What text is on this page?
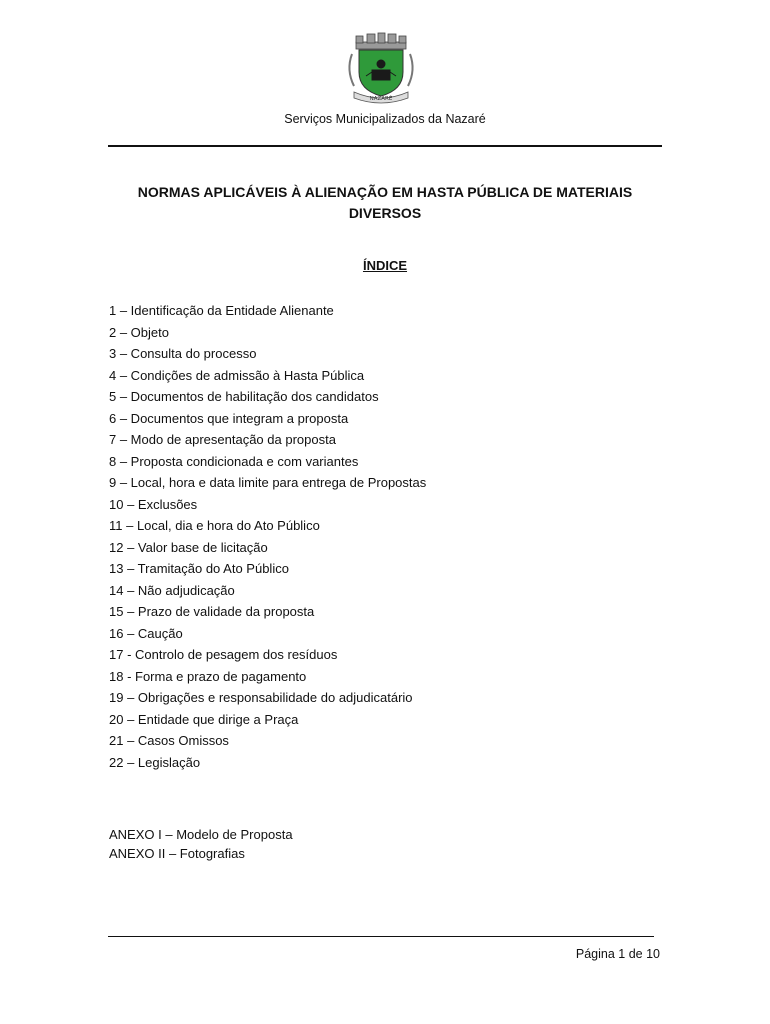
NAZARÉ
Serviços Municipalizados da Nazaré
NORMAS APLICÁVEIS À ALIENAÇÃO EM HASTA PÚBLICA DE MATERIAIS DIVERSOS
ÍNDICE
1 – Identificação da Entidade Alienante
2 – Objeto
3 – Consulta do processo
4 – Condições de admissão à Hasta Pública
5 – Documentos de habilitação dos candidatos
6 – Documentos que integram a proposta
7 – Modo de apresentação da proposta
8 – Proposta condicionada e com variantes
9 – Local, hora e data limite para entrega de Propostas
10 – Exclusões
11 – Local, dia e hora do Ato Público
12 – Valor base de licitação
13 – Tramitação do Ato Público
14 – Não adjudicação
15 – Prazo de validade da proposta
16 – Caução
17 - Controlo de pesagem dos resíduos
18 - Forma e prazo de pagamento
19 – Obrigações e responsabilidade do adjudicatário
20 – Entidade que dirige a Praça
21 – Casos Omissos
22 – Legislação
ANEXO I – Modelo de Proposta
ANEXO II – Fotografias
Página 1 de 10
